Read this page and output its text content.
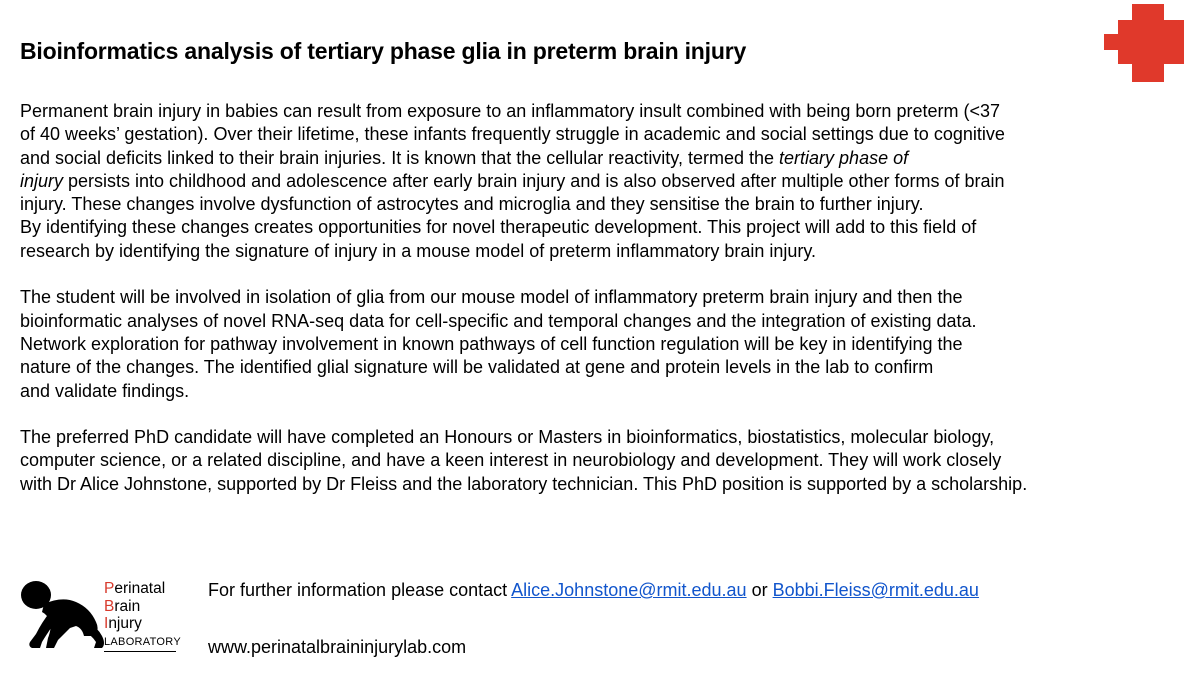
Bioinformatics analysis of tertiary phase glia in preterm brain injury

Permanent brain injury in babies can result from exposure to an inflammatory insult combined with being born preterm (<37
of 40 weeks’ gestation). Over their lifetime, these infants frequently struggle in academic and social settings due to cognitive
and social deficits linked to their brain injuries. It is known that the cellular reactivity, termed the tertiary phase of
injury persists into childhood and adolescence after early brain injury and is also observed after multiple other forms of brain
injury. These changes involve dysfunction of astrocytes and microglia and they sensitise the brain to further injury.
By identifying these changes creates opportunities for novel therapeutic development. This project will add to this field of
research by identifying the signature of injury in a mouse model of preterm inflammatory brain injury.

The student will be involved in isolation of glia from our mouse model of inflammatory preterm brain injury and then the
bioinformatic analyses of novel RNA-seq data for cell-specific and temporal changes and the integration of existing data.
Network exploration for pathway involvement in known pathways of cell function regulation will be key in identifying the
nature of the changes. The identified glial signature will be validated at gene and protein levels in the lab to confirm
and validate findings.

The preferred PhD candidate will have completed an Honours or Masters in bioinformatics, biostatistics, molecular biology,
computer science, or a related discipline, and have a keen interest in neurobiology and development. They will work closely
with Dr Alice Johnstone, supported by Dr Fleiss and the laboratory technician. This PhD position is supported by a scholarship.

Perinatal
Brain
Injury
LABORATORY
For further information please contact Alice.Johnstone@rmit.edu.au or Bobbi.Fleiss@rmit.edu.au
www.perinatalbraininjurylab.com
